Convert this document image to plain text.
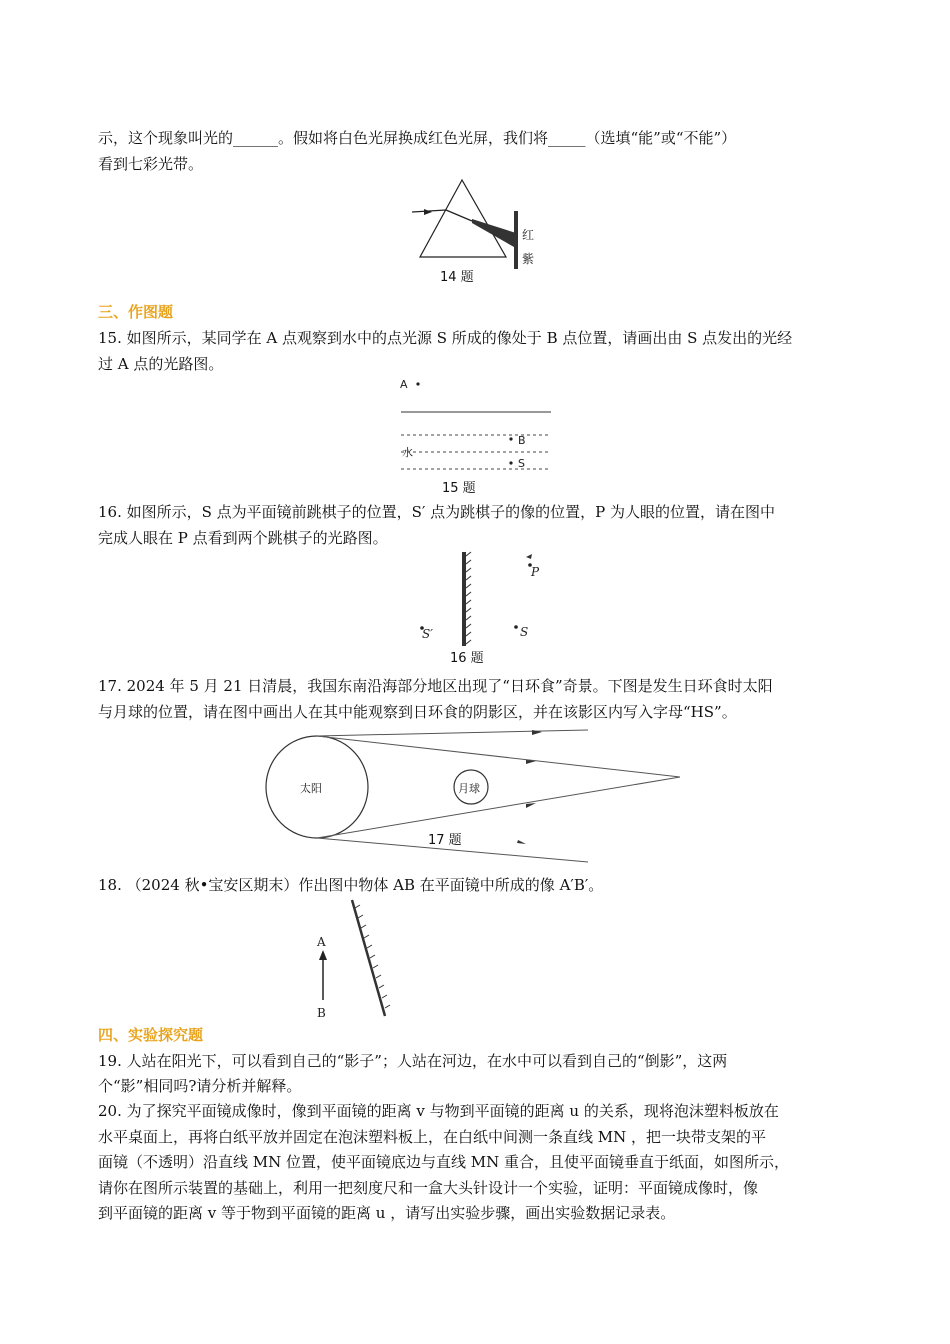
示，这个现象叫光的______。假如将白色光屏换成红色光屏，我们将_____（选填“能”或“不能”）
看到七彩光带。
红
紫
14 题
三、作图题
15. 如图所示，某同学在 A 点观察到水中的点光源 S 所成的像处于 B 点位置，请画出由 S 点发出的光经
过 A 点的光路图。
A
水
B
S
15 题
16. 如图所示，S 点为平面镜前跳棋子的位置，S′ 点为跳棋子的像的位置，P 为人眼的位置，请在图中
完成人眼在 P 点看到两个跳棋子的光路图。
P
S′	S
16 题
17. 2024 年 5 月 21 日清晨，我国东南沿海部分地区出现了“日环食”奇景。下图是发生日环食时太阳
与月球的位置，请在图中画出人在其中能观察到日环食的阴影区，并在该影区内写入字母“HS”。
太阳	月球
17 题
18. （2024 秋•宝安区期末）作出图中物体 AB 在平面镜中所成的像 A′B′。
A
B
四、实验探究题
19. 人站在阳光下，可以看到自己的“影子”；人站在河边，在水中可以看到自己的“倒影”，这两
个“影”相同吗?请分析并解释。
20. 为了探究平面镜成像时，像到平面镜的距离 v 与物到平面镜的距离 u 的关系，现将泡沫塑料板放在
水平桌面上，再将白纸平放并固定在泡沫塑料板上，在白纸中间测一条直线 MN ，把一块带支架的平
面镜（不透明）沿直线 MN 位置，使平面镜底边与直线 MN 重合，且使平面镜垂直于纸面，如图所示，
请你在图所示装置的基础上，利用一把刻度尺和一盒大头针设计一个实验，证明：平面镜成像时，像
到平面镜的距离 v 等于物到平面镜的距离 u ，请写出实验步骤，画出实验数据记录表。
